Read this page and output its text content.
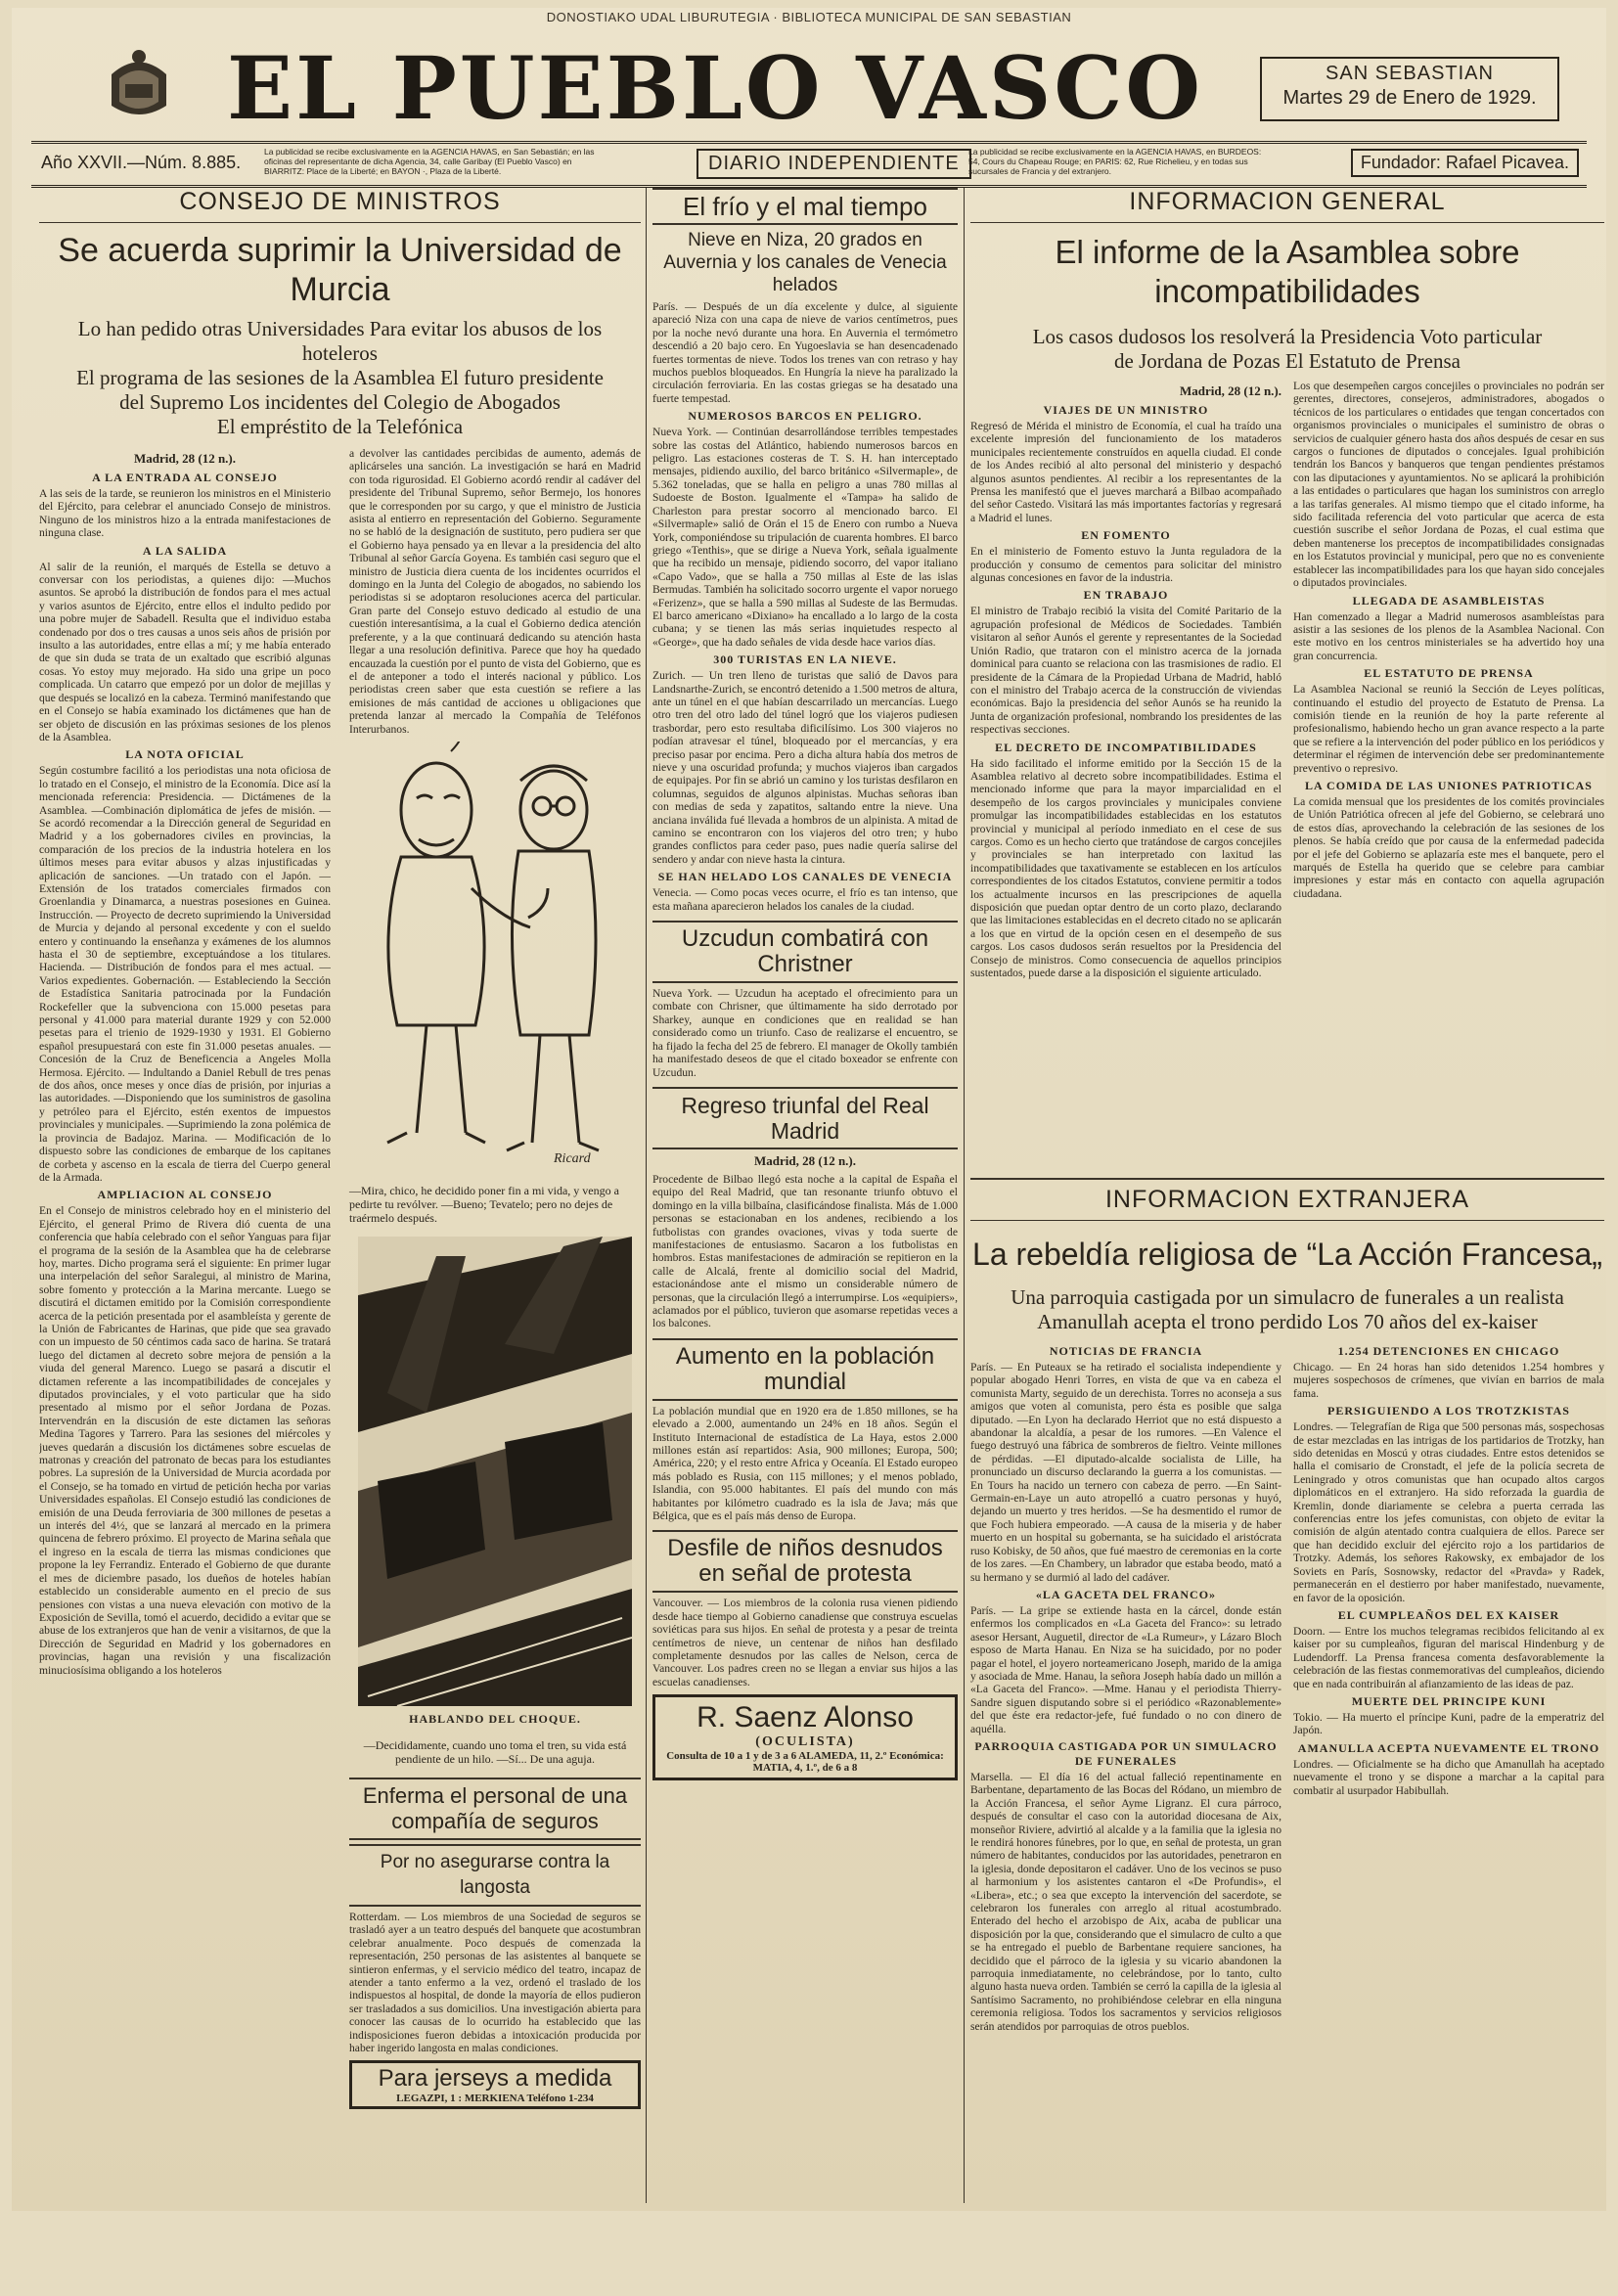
DONOSTIAKO UDAL LIBURUTEGIA · BIBLIOTECA MUNICIPAL DE SAN SEBASTIAN
EL PUEBLO VASCO	SAN SEBASTIAN
Martes 29 de Enero de 1929.
Año XXVII.—Núm. 8.885.
La publicidad se recibe exclusivamente en la AGENCIA HAVAS, en San Sebastián; en las oficinas del representante de dicha Agencia, 34, calle Garibay (El Pueblo Vasco) en BIARRITZ: Place de la Liberté; en BAYON ·, Plaza de la Liberté.	DIARIO INDEPENDIENTE
La publicidad se recibe exclusivamente en la AGENCIA HAVAS, en BURDEOS: 54, Cours du Chapeau Rouge; en PARIS: 62, Rue Richelieu, y en todas sus sucursales de Francia y del extranjero.	Fundador: Rafael Picavea.
CONSEJO DE MINISTROS
Se acuerda suprimir la Universidad de Murcia
Lo han pedido otras Universidades Para evitar los abusos de los hoteleros
El programa de las sesiones de la Asamblea El futuro presidente
del Supremo Los incidentes del Colegio de Abogados
El empréstito de la Telefónica
Madrid, 28 (12 n.).
A LA ENTRADA AL CONSEJO

A las seis de la tarde, se reunieron los ministros en el Ministerio del Ejército, para celebrar el anunciado Consejo de ministros. Ninguno de los ministros hizo a la entrada manifestaciones de ninguna clase.

A LA SALIDA

Al salir de la reunión, el marqués de Estella se detuvo a conversar con los periodistas, a quienes dijo: —Muchos asuntos. Se aprobó la distribución de fondos para el mes actual y varios asuntos de Ejército, entre ellos el indulto pedido por una pobre mujer de Sabadell. Resulta que el individuo estaba condenado por dos o tres causas a unos seis años de prisión por insulto a las autoridades, entre ellas a mí; y me había enterado de que sin duda se trata de un exaltado que escribió algunas cosas. Yo estoy muy mejorado. Ha sido una gripe un poco complicada. Un catarro que empezó por un dolor de mejillas y que después se localizó en la cabeza. Terminó manifestando que en el Consejo se había examinado los dictámenes que han de ser objeto de discusión en las próximas sesiones de los plenos de la Asamblea.

LA NOTA OFICIAL

Según costumbre facilitó a los periodistas una nota oficiosa de lo tratado en el Consejo, el ministro de la Economía. Dice así la mencionada referencia: Presidencia. — Dictámenes de la Asamblea. —Combinación diplomática de jefes de misión. —Se acordó recomendar a la Dirección general de Seguridad en Madrid y a los gobernadores civiles en provincias, la comparación de los precios de la industria hotelera en los últimos meses para evitar abusos y alzas injustificadas y aplicación de sanciones. —Un tratado con el Japón. —Extensión de los tratados comerciales firmados con Groenlandia y Dinamarca, a nuestras posesiones en Guinea. Instrucción. — Proyecto de decreto suprimiendo la Universidad de Murcia y dejando al personal excedente y con el sueldo entero y continuando la enseñanza y exámenes de los alumnos hasta el 30 de septiembre, exceptuándose a los titulares. Hacienda. — Distribución de fondos para el mes actual. —Varios expedientes. Gobernación. — Estableciendo la Sección de Estadística Sanitaria patrocinada por la Fundación Rockefeller que la subvenciona con 15.000 pesetas para personal y 41.000 para material durante 1929 y con 52.000 pesetas para el trienio de 1929-1930 y 1931. El Gobierno español presupuestará con este fin 31.000 pesetas anuales. —Concesión de la Cruz de Beneficencia a Angeles Molla Hermosa. Ejército. — Indultando a Daniel Rebull de tres penas de dos años, once meses y once días de prisión, por injurias a las autoridades. —Disponiendo que los suministros de gasolina y petróleo para el Ejército, estén exentos de impuestos provinciales y municipales. —Suprimiendo la zona polémica de la provincia de Badajoz. Marina. — Modificación de lo dispuesto sobre las condiciones de embarque de los capitanes de corbeta y ascenso en la escala de tierra del Cuerpo general de la Armada.

AMPLIACION AL CONSEJO

En el Consejo de ministros celebrado hoy en el ministerio del Ejército, el general Primo de Rivera dió cuenta de una conferencia que había celebrado con el señor Yanguas para fijar el programa de la sesión de la Asamblea que ha de celebrarse hoy, martes. Dicho programa será el siguiente: En primer lugar una interpelación del señor Saralegui, al ministro de Marina, sobre fomento y protección a la Marina mercante. Luego se discutirá el dictamen emitido por la Comisión correspondiente acerca de la petición presentada por el asambleísta y gerente de la Unión de Fabricantes de Harinas, que pide que sea gravado con un impuesto de 50 céntimos cada saco de harina. Se tratará luego del dictamen al decreto sobre mejora de pensión a la viuda del general Marenco. Luego se pasará a discutir el dictamen referente a las incompatibilidades de concejales y diputados provinciales, y el voto particular que ha sido presentado al mismo por el señor Jordana de Pozas. Intervendrán en la discusión de este dictamen las señoras Medina Tagores y Tarrero. Para las sesiones del miércoles y jueves quedarán a discusión los dictámenes sobre escuelas de matronas y creación del patronato de becas para los estudiantes pobres. La supresión de la Universidad de Murcia acordada por el Consejo, se ha tomado en virtud de petición hecha por varias Universidades españolas. El Consejo estudió las condiciones de emisión de una Deuda ferroviaria de 300 millones de pesetas a un interés del 4½, que se lanzará al mercado en la primera quincena de febrero próximo. El proyecto de Marina señala que el ingreso en la escala de tierra las mismas condiciones que propone la ley Ferrandiz. Enterado el Gobierno de que durante el mes de diciembre pasado, los dueños de hoteles habían establecido un considerable aumento en el precio de sus pensiones con vistas a una nueva elevación con motivo de la Exposición de Sevilla, tomó el acuerdo, decidido a evitar que se abuse de los extranjeros que han de venir a visitarnos, de que la Dirección de Seguridad en Madrid y los gobernadores en provincias, hagan una revisión y una fiscalización minuciosísima obligando a los hoteleros

a devolver las cantidades percibidas de aumento, además de aplicárseles una sanción. La investigación se hará en Madrid con toda rigurosidad. El Gobierno acordó rendir al cadáver del presidente del Tribunal Supremo, señor Bermejo, los honores que le corresponden por su cargo, y que el ministro de Justicia asista al entierro en representación del Gobierno. Seguramente no se habló de la designación de sustituto, pero pudiera ser que el Gobierno haya pensado ya en llevar a la presidencia del alto Tribunal al señor García Goyena. Es también casi seguro que el ministro de Justicia diera cuenta de los incidentes ocurridos el domingo en la Junta del Colegio de abogados, no sabiendo los periodistas si se adoptaron resoluciones acerca del particular. Gran parte del Consejo estuvo dedicado al estudio de una cuestión interesantísima, a la cual el Gobierno dedica atención preferente, y a la que continuará dedicando su atención hasta llegar a una resolución definitiva. Parece que hoy ha quedado encauzada la cuestión por el punto de vista del Gobierno, que es el de anteponer a todo el interés nacional y público. Los periodistas creen saber que esta cuestión se refiere a las emisiones de más cantidad de acciones u obligaciones que pretenda lanzar al mercado la Compañía de Teléfonos Interurbanos.

Ricard

—Mira, chico, he decidido poner fin a mi vida, y vengo a pedirte tu revólver. —Bueno; Tevatelo; pero no dejes de traérmelo después.

HABLANDO DEL CHOQUE.

—Decididamente, cuando uno toma el tren, su vida está pendiente de un hilo. —Sí... De una aguja.

Enferma el personal de una compañía de seguros
Por no asegurarse contra la langosta

Rotterdam. — Los miembros de una Sociedad de seguros se trasladó ayer a un teatro después del banquete que acostumbran celebrar anualmente. Poco después de comenzada la representación, 250 personas de las asistentes al banquete se sintieron enfermas, y el servicio médico del teatro, incapaz de atender a tanto enfermo a la vez, ordenó el traslado de los indispuestos al hospital, de donde la mayoría de ellos pudieron ser trasladados a sus domicilios. Una investigación abierta para conocer las causas de lo ocurrido ha establecido que las indisposiciones fueron debidas a intoxicación producida por haber ingerido langosta en malas condiciones.

Para jerseys a medida
LEGAZPI, 1 : MERKIENA Teléfono 1-234
El frío y el mal tiempo
Nieve en Niza, 20 grados en Auvernia y los canales de Venecia helados

París. — Después de un día excelente y dulce, al siguiente apareció Niza con una capa de nieve de varios centímetros, pues por la noche nevó durante una hora. En Auvernia el termómetro descendió a 20 bajo cero. En Yugoeslavia se han desencadenado fuertes tormentas de nieve. Todos los trenes van con retraso y hay muchos pueblos bloqueados. En Hungría la nieve ha paralizado la circulación ferroviaria. En las costas griegas se ha desatado una fuerte tempestad.

NUMEROSOS BARCOS EN PELIGRO.

Nueva York. — Continúan desarrollándose terribles tempestades sobre las costas del Atlántico, habiendo numerosos barcos en peligro. Las estaciones costeras de T. S. H. han interceptado mensajes, pidiendo auxilio, del barco británico «Silvermaple», de 5.362 toneladas, que se halla en peligro a unas 780 millas al Sudoeste de Boston. Igualmente el «Tampa» ha salido de Charleston para prestar socorro al mencionado barco. El «Silvermaple» salió de Orán el 15 de Enero con rumbo a Nueva York, componiéndose su tripulación de cuarenta hombres. El barco griego «Tenthis», que se dirige a Nueva York, señala igualmente que ha recibido un mensaje, pidiendo socorro, del vapor italiano «Capo Vado», que se halla a 750 millas al Este de las islas Bermudas. También ha solicitado socorro urgente el vapor noruego «Ferizenz», que se halla a 590 millas al Sudeste de las Bermudas. El barco americano «Dixiano» ha encallado a lo largo de la costa cubana; y se tienen las más serias inquietudes respecto al «George», que ha dado señales de vida desde hace varios días.

300 TURISTAS EN LA NIEVE.

Zurich. — Un tren lleno de turistas que salió de Davos para Landsnarthe-Zurich, se encontró detenido a 1.500 metros de altura, ante un túnel en el que habían descarrilado un mercancías. Luego otro tren del otro lado del túnel logró que los viajeros pudiesen trasbordar, pero esto resultaba dificilísimo. Los 300 viajeros no podían atravesar el túnel, bloqueado por el mercancías, y era preciso pasar por encima. Pero a dicha altura había dos metros de nieve y una oscuridad profunda; y muchos viajeros iban cargados de equipajes. Por fin se abrió un camino y los turistas desfilaron en columnas, seguidos de algunos alpinistas. Muchas señoras iban con medias de seda y zapatitos, saltando entre la nieve. Una anciana inválida fué llevada a hombros de un alpinista. A mitad de camino se encontraron con los viajeros del otro tren; y hubo grandes conflictos para ceder paso, pues nadie quería salirse del sendero y andar con nieve hasta la cintura.

SE HAN HELADO LOS CANALES DE VENECIA

Venecia. — Como pocas veces ocurre, el frío es tan intenso, que esta mañana aparecieron helados los canales de la ciudad.

Uzcudun combatirá con Christner

Nueva York. — Uzcudun ha aceptado el ofrecimiento para un combate con Chrisner, que últimamente ha sido derrotado por Sharkey, aunque en condiciones que en realidad se han considerado como un triunfo. Caso de realizarse el encuentro, se ha fijado la fecha del 25 de febrero. El manager de Okolly también ha manifestado deseos de que el citado boxeador se enfrente con Uzcudun.

Regreso triunfal del Real Madrid
Madrid, 28 (12 n.).

Procedente de Bilbao llegó esta noche a la capital de España el equipo del Real Madrid, que tan resonante triunfo obtuvo el domingo en la villa bilbaína, clasificándose finalista. Más de 1.000 personas se estacionaban en los andenes, recibiendo a los futbolistas con grandes ovaciones, vivas y toda suerte de manifestaciones de entusiasmo. Sacaron a los futbolistas en hombros. Estas manifestaciones de admiración se repitieron en la calle de Alcalá, frente al domicilio social del Madrid, estacionándose ante el mismo un considerable número de personas, que la circulación llegó a interrumpirse. Los «equipiers», aclamados por el público, tuvieron que asomarse repetidas veces a los balcones.

Aumento en la población mundial

La población mundial que en 1920 era de 1.850 millones, se ha elevado a 2.000, aumentando un 24% en 18 años. Según el Instituto Internacional de estadística de La Haya, estos 2.000 millones están así repartidos: Asia, 900 millones; Europa, 500; América, 220; y el resto entre Africa y Oceanía. El Estado europeo más poblado es Rusia, con 115 millones; y el menos poblado, Islandia, con 95.000 habitantes. El país del mundo con más habitantes por kilómetro cuadrado es la isla de Java; más que Bélgica, que es el país más denso de Europa.

Desfile de niños desnudos en señal de protesta

Vancouver. — Los miembros de la colonia rusa vienen pidiendo desde hace tiempo al Gobierno canadiense que construya escuelas soviéticas para sus hijos. En señal de protesta y a pesar de treinta centímetros de nieve, un centenar de niños han desfilado completamente desnudos por las calles de Nelson, cerca de Vancouver. Los padres creen no se llegan a enviar sus hijos a las escuelas canadienses.

R. Saenz Alonso
(OCULISTA)
Consulta de 10 a 1 y de 3 a 6 ALAMEDA, 11, 2.º Económica: MATIA, 4, 1.º, de 6 a 8
INFORMACION GENERAL
El informe de la Asamblea sobre incompatibilidades
Los casos dudosos los resolverá la Presidencia Voto particular
de Jordana de Pozas El Estatuto de Prensa
Madrid, 28 (12 n.).
VIAJES DE UN MINISTRO

Regresó de Mérida el ministro de Economía, el cual ha traído una excelente impresión del funcionamiento de los mataderos municipales recientemente construídos en aquella ciudad. El conde de los Andes recibió al alto personal del ministerio y despachó algunos asuntos pendientes. Al recibir a los representantes de la Prensa les manifestó que el jueves marchará a Bilbao acompañado del señor Castedo. Visitará las más importantes factorías y regresará a Madrid el lunes.

EN FOMENTO

En el ministerio de Fomento estuvo la Junta reguladora de la producción y consumo de cementos para solicitar del ministro algunas concesiones en favor de la industria.

EN TRABAJO

El ministro de Trabajo recibió la visita del Comité Paritario de la agrupación profesional de Médicos de Sociedades. También visitaron al señor Aunós el gerente y representantes de la Sociedad Unión Radio, que trataron con el ministro acerca de la jornada dominical para cuanto se relaciona con las trasmisiones de radio. El presidente de la Cámara de la Propiedad Urbana de Madrid, habló con el ministro del Trabajo acerca de la construcción de viviendas económicas. Bajo la presidencia del señor Aunós se ha reunido la Junta de organización profesional, nombrando los presidentes de las respectivas secciones.

EL DECRETO DE INCOMPATIBILIDADES

Ha sido facilitado el informe emitido por la Sección 15 de la Asamblea relativo al decreto sobre incompatibilidades. Estima el mencionado informe que para la mayor imparcialidad en el desempeño de los cargos provinciales y municipales conviene promulgar las incompatibilidades establecidas en los estatutos provincial y municipal al período inmediato en el cese de sus cargos. Como es un hecho cierto que tratándose de cargos concejiles y provinciales se han interpretado con laxitud las incompatibilidades que taxativamente se establecen en los artículos correspondientes de los citados Estatutos, conviene permitir a todos los actualmente incursos en las prescripciones de aquella disposición que puedan optar dentro de un corto plazo, declarando que las limitaciones establecidas en el decreto citado no se aplicarán a los que en virtud de la opción cesen en el desempeño de sus cargos. Los casos dudosos serán resueltos por la Presidencia del Consejo de ministros. Como consecuencia de aquellos principios sustentados, puede darse a la disposición el siguiente articulado.

Los que desempeñen cargos concejiles o provinciales no podrán ser gerentes, directores, consejeros, administradores, abogados o técnicos de los particulares o entidades que tengan concertados con organismos provinciales o municipales el suministro de obras o servicios de cualquier género hasta dos años después de cesar en sus cargos o funciones de diputados o concejales. Igual prohibición tendrán los Bancos y banqueros que tengan pendientes préstamos con las diputaciones y ayuntamientos. No se aplicará la prohibición a las entidades o particulares que hagan los suministros con arreglo a las tarifas generales. Al mismo tiempo que el citado informe, ha sido facilitada referencia del voto particular que acerca de esta cuestión suscribe el señor Jordana de Pozas, el cual estima que deben mantenerse los preceptos de incompatibilidades consignadas en los Estatutos provincial y municipal, pero que no es conveniente establecer las incompatibilidades para los que hayan sido concejales o diputados provinciales.

LLEGADA DE ASAMBLEISTAS

Han comenzado a llegar a Madrid numerosos asambleístas para asistir a las sesiones de los plenos de la Asamblea Nacional. Con este motivo en los centros ministeriales se ha advertido hoy una gran concurrencia.

EL ESTATUTO DE PRENSA

La Asamblea Nacional se reunió la Sección de Leyes políticas, continuando el estudio del proyecto de Estatuto de Prensa. La comisión tiende en la reunión de hoy la parte referente al profesionalismo, habiendo hecho un gran avance respecto a la parte que se refiere a la intervención del poder público en los periódicos y determinar el régimen de intervención debe ser predominantemente preventivo o represivo.

LA COMIDA DE LAS UNIONES PATRIOTICAS

La comida mensual que los presidentes de los comités provinciales de Unión Patriótica ofrecen al jefe del Gobierno, se celebrará uno de estos días, aprovechando la celebración de las sesiones de los plenos. Se había creído que por causa de la enfermedad padecida por el jefe del Gobierno se aplazaría este mes el banquete, pero el marqués de Estella ha querido que se celebre para cambiar impresiones y estar más en contacto con aquella agrupación ciudadana.

INFORMACION EXTRANJERA
La rebeldía religiosa de “La Acción Francesa„
Una parroquia castigada por un simulacro de funerales a un realista
Amanullah acepta el trono perdido Los 70 años del ex-kaiser
NOTICIAS DE FRANCIA

París. — En Puteaux se ha retirado el socialista independiente y popular abogado Henri Torres, en vista de que va en cabeza el comunista Marty, seguido de un derechista. Torres no aconseja a sus amigos que voten al comunista, pero ésta es posible que salga diputado. —En Lyon ha declarado Herriot que no está dispuesto a abandonar la alcaldía, a pesar de los rumores. —En Valence el fuego destruyó una fábrica de sombreros de fieltro. Veinte millones de pérdidas. —El diputado-alcalde socialista de Lille, ha pronunciado un discurso declarando la guerra a los comunistas. —En Tours ha nacido un ternero con cabeza de perro. —En Saint-Germain-en-Laye un auto atropelló a cuatro personas y huyó, dejando un muerto y tres heridos. —Se ha desmentido el rumor de que Foch hubiera empeorado. —A causa de la miseria y de haber muerto en un hospital su gobernanta, se ha suicidado el aristócrata ruso Kobisky, de 50 años, que fué maestro de ceremonias en la corte de los zares. —En Chambery, un labrador que estaba beodo, mató a su hermano y se durmió al lado del cadáver.

«LA GACETA DEL FRANCO»

París. — La gripe se extiende hasta en la cárcel, donde están enfermos los complicados en «La Gaceta del Franco»: su letrado asesor Hersant, Auguetil, director de «La Rumeur», y Lázaro Bloch esposo de Marta Hanau. En Niza se ha suicidado, por no poder pagar el hotel, el joyero norteamericano Joseph, marido de la amiga y asociada de Mme. Hanau, la señora Joseph había dado un millón a «La Gaceta del Franco». —Mme. Hanau y el periodista Thierry-Sandre siguen disputando sobre si el periódico «Razonablemente» del que éste era redactor-jefe, fué fundado o no con dinero de aquélla.

PARROQUIA CASTIGADA POR UN SIMULACRO DE FUNERALES

Marsella. — El día 16 del actual falleció repentinamente en Barbentane, departamento de las Bocas del Ródano, un miembro de la Acción Francesa, el señor Ayme Ligranz. El cura párroco, después de consultar el caso con la autoridad diocesana de Aix, monseñor Riviere, advirtió al alcalde y a la familia que la iglesia no le rendirá honores fúnebres, por lo que, en señal de protesta, un gran número de habitantes, conducidos por las autoridades, penetraron en la iglesia, donde depositaron el cadáver. Uno de los vecinos se puso al harmonium y los asistentes cantaron el «De Profundis», el «Libera», etc.; o sea que excepto la intervención del sacerdote, se celebraron los funerales con arreglo al ritual acostumbrado. Enterado del hecho el arzobispo de Aix, acaba de publicar una disposición por la que, considerando que el simulacro de culto a que se ha entregado el pueblo de Barbentane requiere sanciones, ha decidido que el párroco de la iglesia y su vicario abandonen la parroquia inmediatamente, no celebrándose, por lo tanto, culto alguno hasta nueva orden. También se cerró la capilla de la iglesia al Santísimo Sacramento, no prohibiéndose celebrar en ella ninguna ceremonia religiosa. Todos los sacramentos y servicios religiosos serán atendidos por parroquias de otros pueblos.

1.254 DETENCIONES EN CHICAGO

Chicago. — En 24 horas han sido detenidos 1.254 hombres y mujeres sospechosos de crímenes, que vivían en barrios de mala fama.

PERSIGUIENDO A LOS TROTZKISTAS

Londres. — Telegrafían de Riga que 500 personas más, sospechosas de estar mezcladas en las intrigas de los partidarios de Trotzky, han sido detenidas en Moscú y otras ciudades. Entre estos detenidos se halla el comisario de Cronstadt, el jefe de la policía secreta de Leningrado y otros comunistas que han ocupado altos cargos diplomáticos en el extranjero. Ha sido reforzada la guardia de Kremlin, donde diariamente se celebra a puerta cerrada las conferencias entre los jefes comunistas, con objeto de evitar la comisión de algún atentado contra cualquiera de ellos. Parece ser que han decidido excluir del ejército rojo a los partidarios de Trotzky. Además, los señores Rakowsky, ex embajador de los Soviets en París, Sosnowsky, redactor del «Pravda» y Radek, permanecerán en el destierro por haber manifestado, nuevamente, en favor de la oposición.

EL CUMPLEAÑOS DEL EX KAISER

Doorn. — Entre los muchos telegramas recibidos felicitando al ex kaiser por su cumpleaños, figuran del mariscal Hindenburg y de Ludendorff. La Prensa francesa comenta desfavorablemente la celebración de las fiestas conmemorativas del cumpleaños, diciendo que en nada contribuirán al afianzamiento de las ideas de paz.

MUERTE DEL PRINCIPE KUNI

Tokio. — Ha muerto el príncipe Kuni, padre de la emperatriz del Japón.

AMANULLA ACEPTA NUEVAMENTE EL TRONO

Londres. — Oficialmente se ha dicho que Amanullah ha aceptado nuevamente el trono y se dispone a marchar a la capital para combatir al usurpador Habibullah.
